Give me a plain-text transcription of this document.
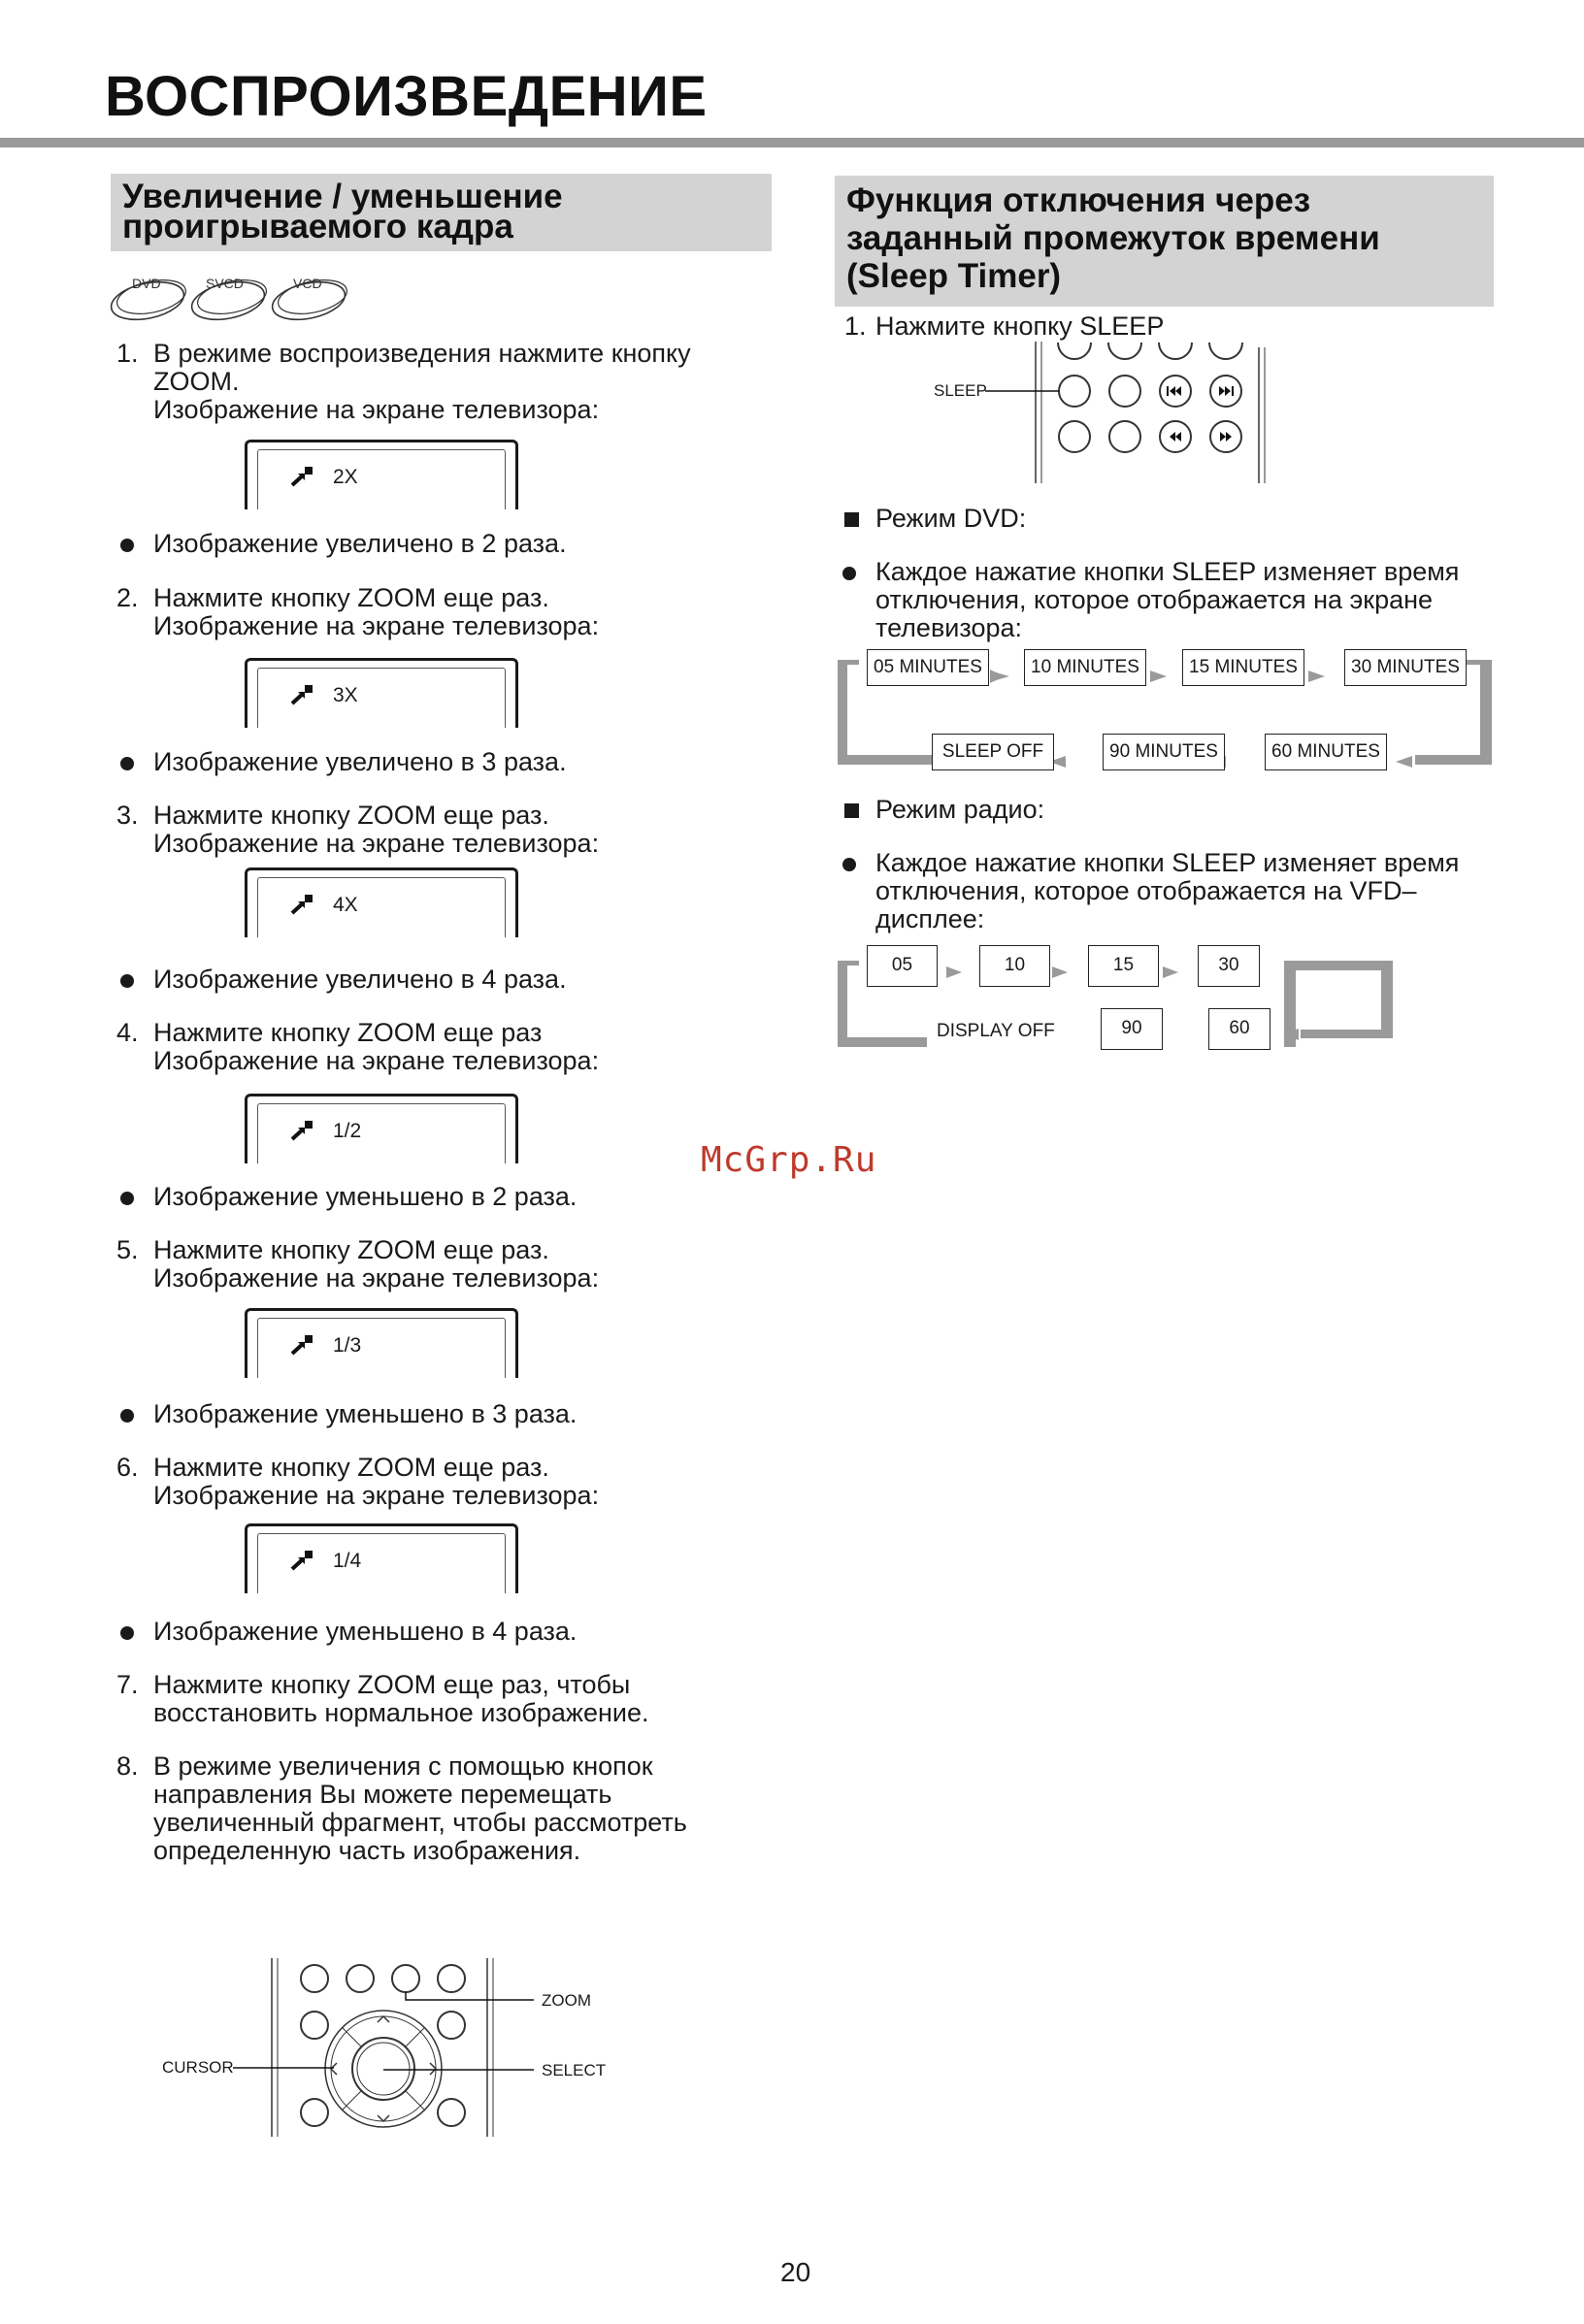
ВОСПРОИЗВЕДЕНИЕ
Увеличение / уменьшение
проигрываемого кадра
DVD	SVCD	VCD
1. В режиме воспроизведения нажмите кнопку
ZOOM.
Изображение на экране телевизора:
2X
Изображение увеличено в 2 раза.
2. Нажмите кнопку ZOOM еще раз.
Изображение на экране телевизора:
3X
Изображение увеличено в 3 раза.
3. Нажмите кнопку ZOOM еще раз.
Изображение на экране телевизора:
4X
Изображение увеличено в 4 раза.
4. Нажмите кнопку ZOOM еще раз
Изображение на экране телевизора:
1/2
Изображение уменьшено в 2 раза.
5. Нажмите кнопку ZOOM еще раз.
Изображение на экране телевизора:
1/3
Изображение уменьшено в 3 раза.
6. Нажмите кнопку ZOOM еще раз.
Изображение на экране телевизора:
1/4
Изображение уменьшено в 4 раза.
7. Нажмите кнопку ZOOM еще раз, чтобы
восстановить нормальное изображение.
8. В режиме увеличения с помощью кнопок
направления Вы можете перемещать
увеличенный фрагмент, чтобы рассмотреть
определенную часть изображения.
ZOOM
CURSOR	SELECT
Функция отключения через
заданный промежуток времени
(Sleep Timer)
1. Нажмите кнопку SLEEP
SLEEP
Режим DVD:
Каждое нажатие кнопки SLEEP изменяет время
отключения, которое отображается на экране
телевизора:
05 MINUTES	10 MINUTES	15 MINUTES	30 MINUTES
SLEEP OFF	90 MINUTES	60 MINUTES
Режим радио:
Каждое нажатие кнопки SLEEP изменяет время
отключения, которое отображается на VFD–
дисплее:
05	10	15	30
DISPLAY OFF	90	60
McGrp.Ru
20
